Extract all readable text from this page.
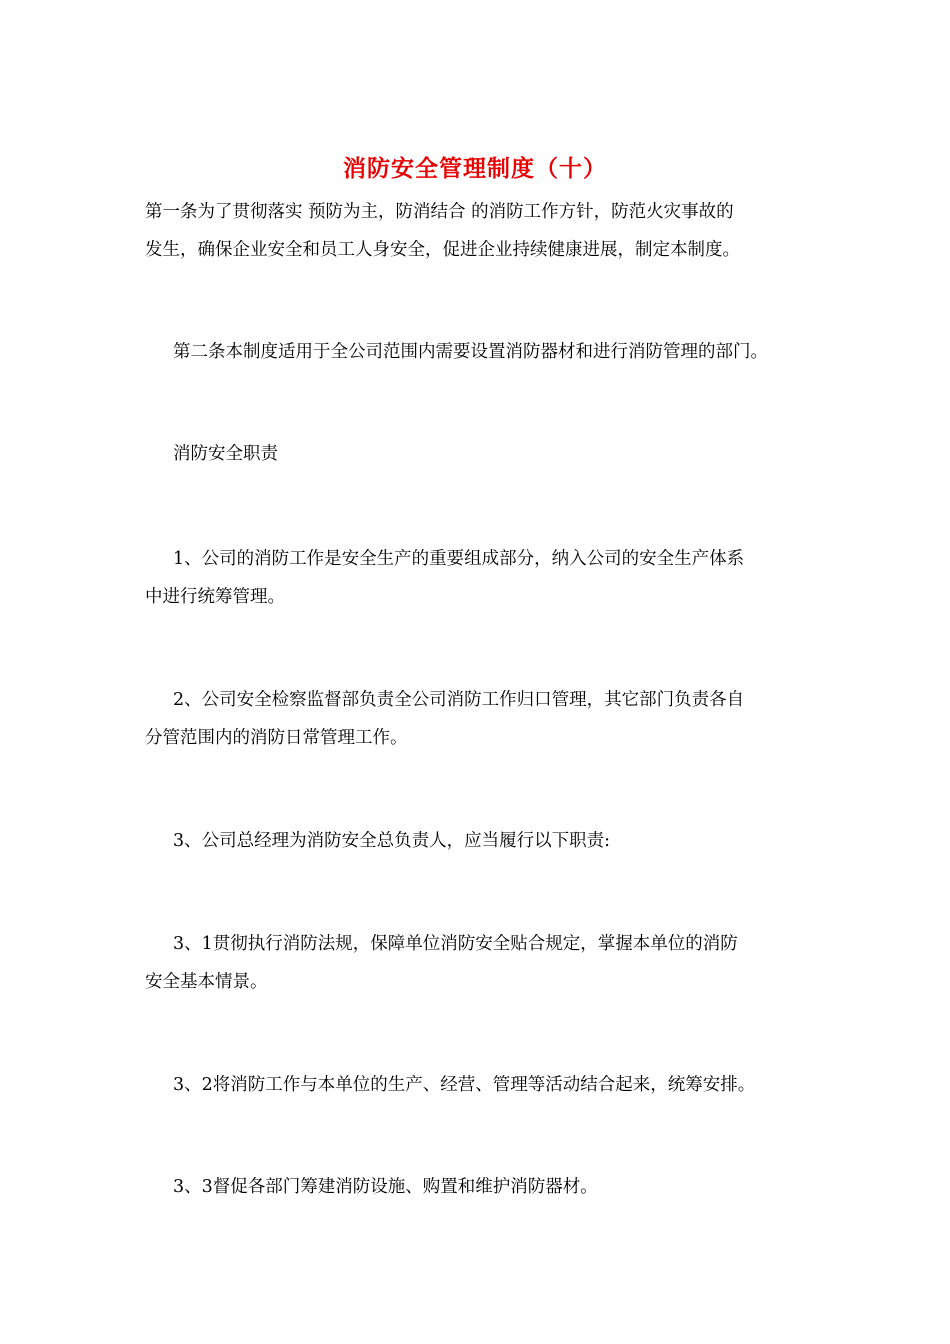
消防安全管理制度（十）
第一条为了贯彻落实 预防为主，防消结合 的消防工作方针，防范火灾事故的
发生，确保企业安全和员工人身安全，促进企业持续健康进展，制定本制度。
第二条本制度适用于全公司范围内需要设置消防器材和进行消防管理的部门。
消防安全职责
1、公司的消防工作是安全生产的重要组成部分，纳入公司的安全生产体系
中进行统筹管理。
2、公司安全检察监督部负责全公司消防工作归口管理，其它部门负责各自
分管范围内的消防日常管理工作。
3、公司总经理为消防安全总负责人，应当履行以下职责:
3、1贯彻执行消防法规，保障单位消防安全贴合规定，掌握本单位的消防
安全基本情景。
3、2将消防工作与本单位的生产、经营、管理等活动结合起来，统筹安排。
3、3督促各部门筹建消防设施、购置和维护消防器材。
